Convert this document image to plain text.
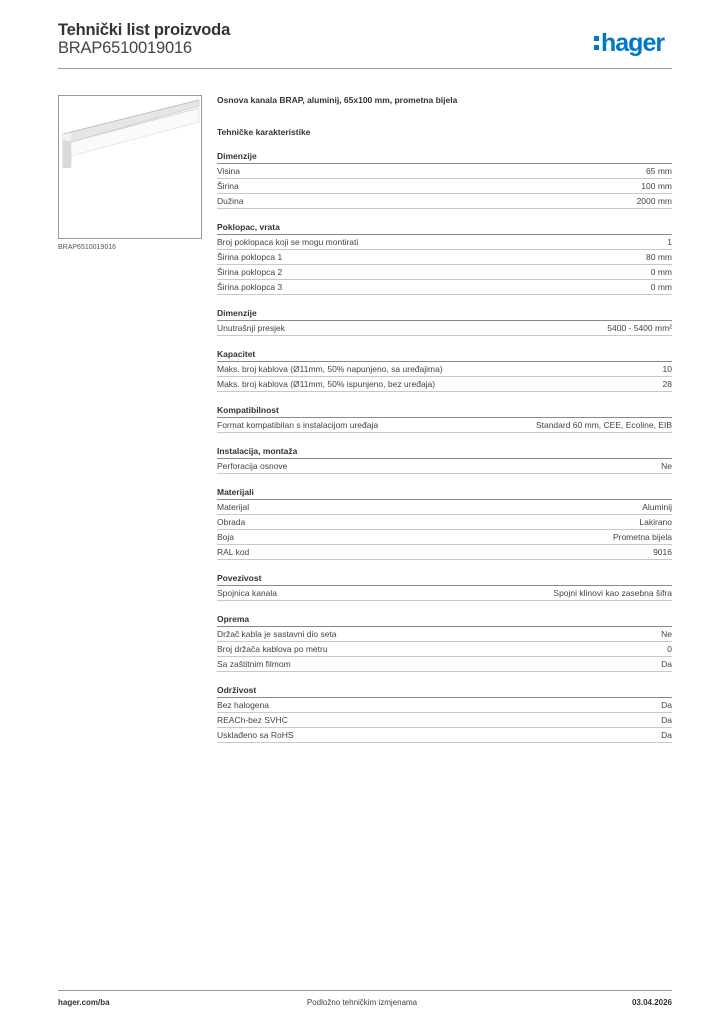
Tehnički list proizvoda
BRAP6510019016	hager
BRAP6510019016
Osnova kanala BRAP, aluminij, 65x100 mm, prometna bijela
Tehničke karakteristike
Dimenzije
Visina	65 mm
Širina	100 mm
Dužina	2000 mm
Poklopac, vrata
Broj poklopaca koji se mogu montirati	1
Širina poklopca 1	80 mm
Širina poklopca 2	0 mm
Širina poklopca 3	0 mm
Dimenzije
Unutrašnji presjek	5400 - 5400 mm²
Kapacitet
Maks. broj kablova (Ø11mm, 50% napunjeno, sa uređajima)	10
Maks. broj kablova (Ø11mm, 50% ispunjeno, bez uređaja)	28
Kompatibilnost
Format kompatibilan s instalacijom uređaja	Standard 60 mm, CEE, Ecoline, EIB
Instalacija, montaža
Perforacija osnove	Ne
Materijali
Materijal	Aluminij
Obrada	Lakirano
Boja	Prometna bijela
RAL kod	9016
Povezivost
Spojnica kanala	Spojni klinovi kao zasebna šifra
Oprema
Držač kabla je sastavni dio seta	Ne
Broj držača kablova po metru	0
Sa zaštitnim filmom	Da
Održivost
Bez halogena	Da
REACh-bez SVHC	Da
Usklađeno sa RoHS	Da
hager.com/ba	Podložno tehničkim izmjenama	03.04.2026
